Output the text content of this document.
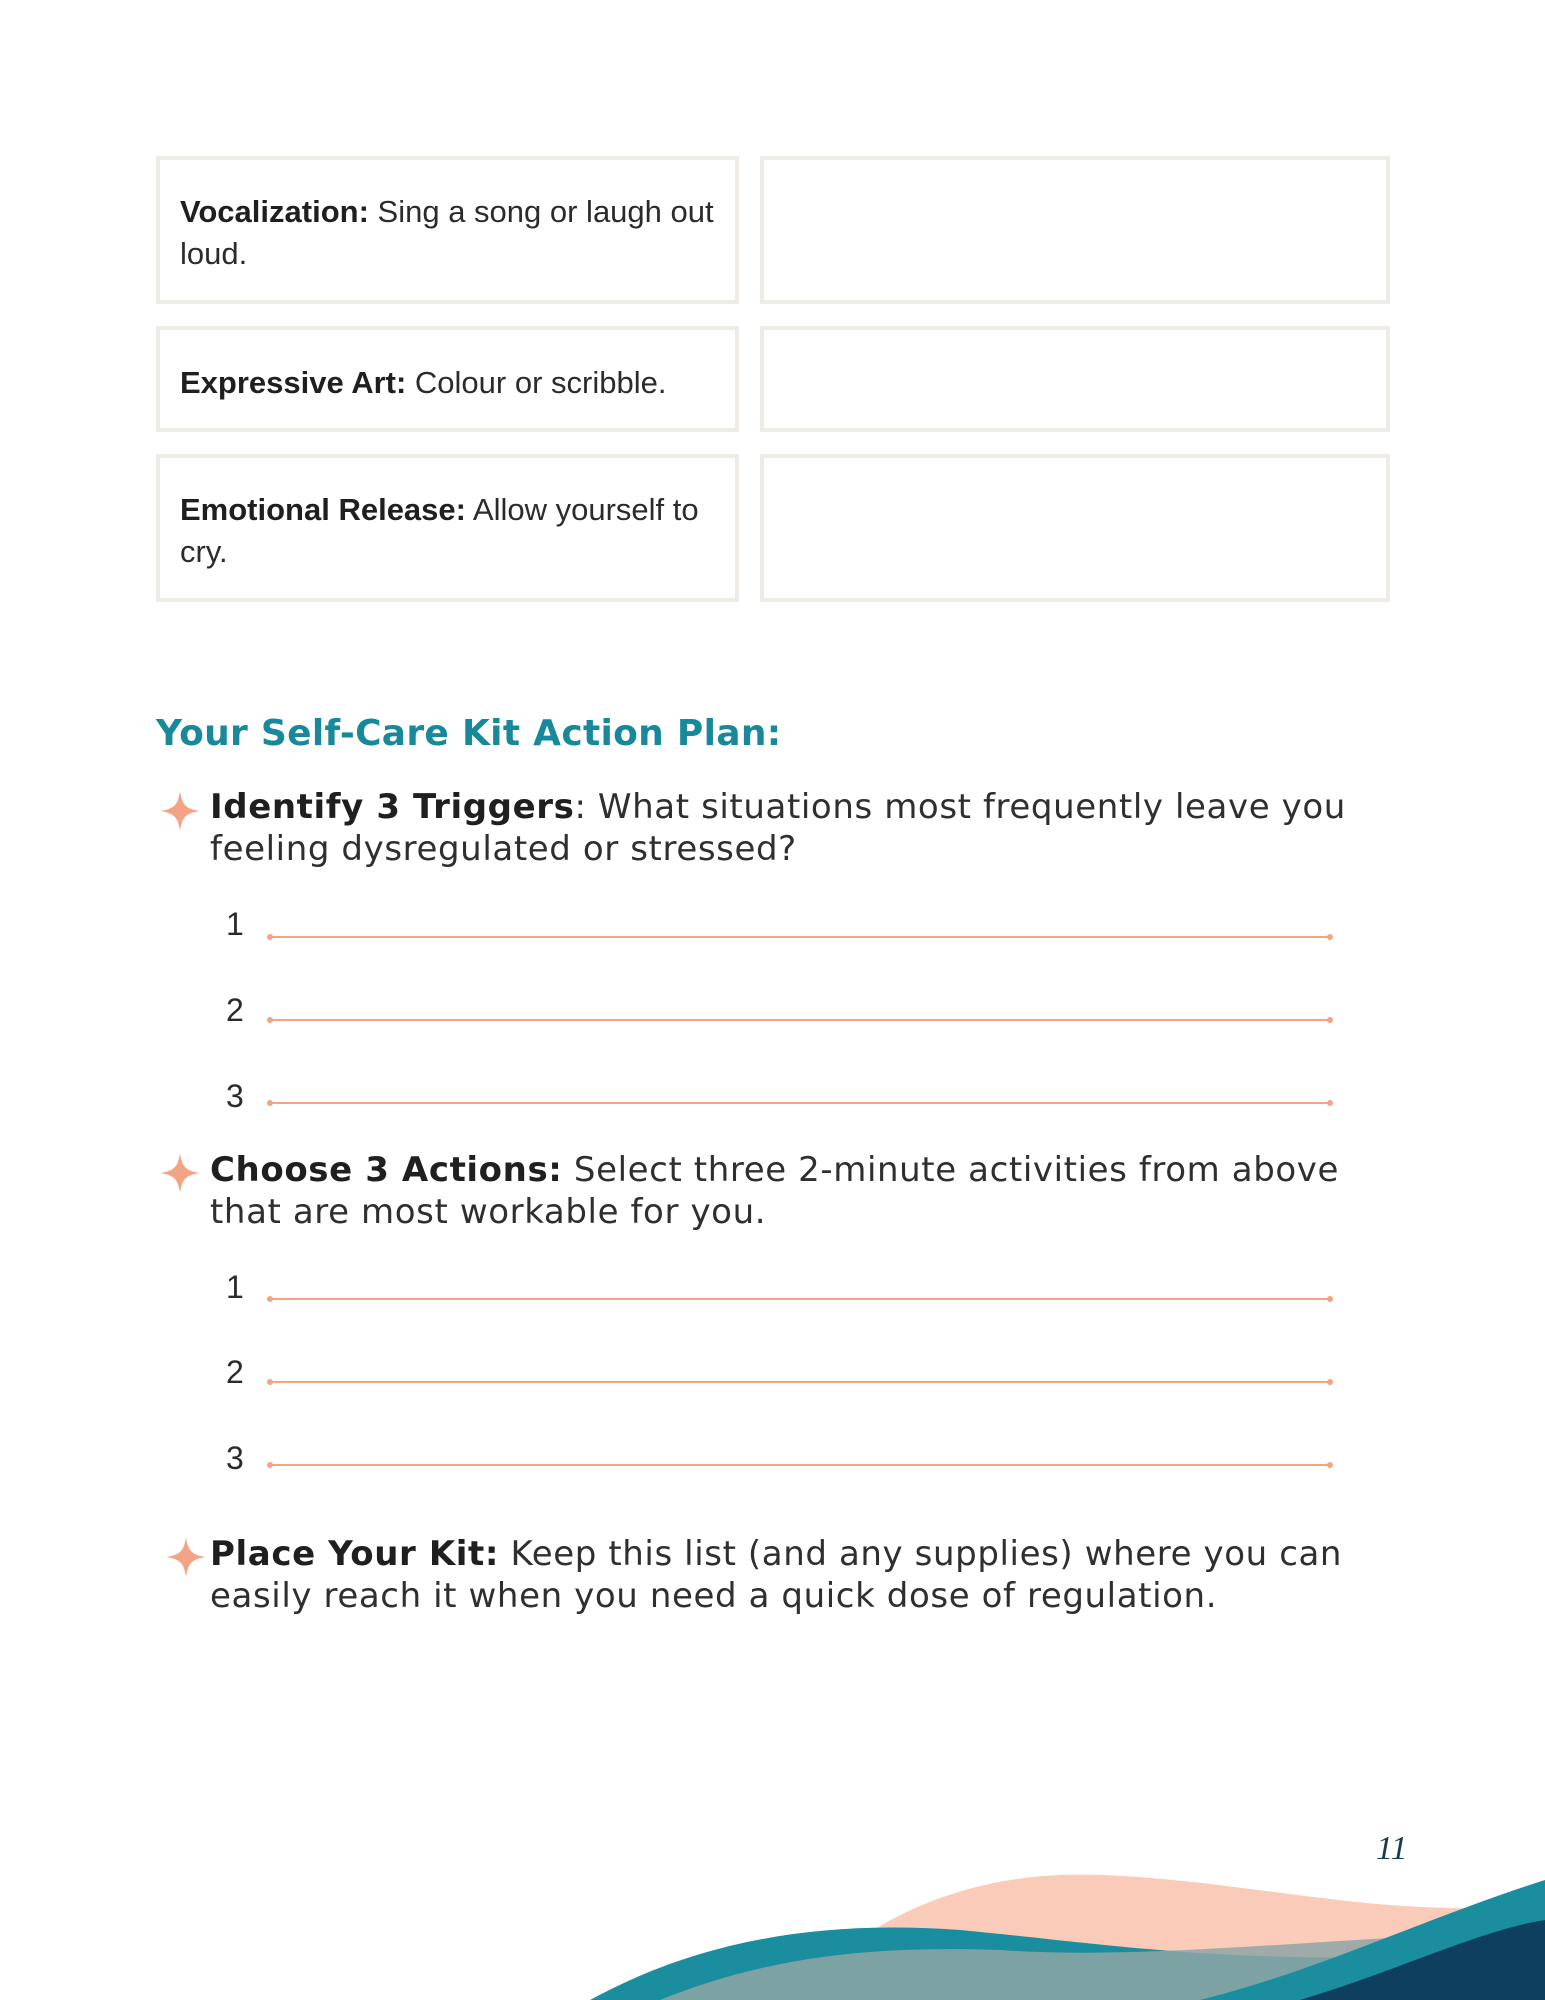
Vocalization: Sing a song or laugh out loud.
Expressive Art: Colour or scribble.
Emotional Release: Allow yourself to cry.
Your Self-Care Kit Action Plan:
Identify 3 Triggers: What situations most frequently leave you feeling dysregulated or stressed?
1
2
3
Choose 3 Actions: Select three 2-minute activities from above that are most workable for you.
1
2
3
Place Your Kit: Keep this list (and any supplies) where you can easily reach it when you need a quick dose of regulation.
11
